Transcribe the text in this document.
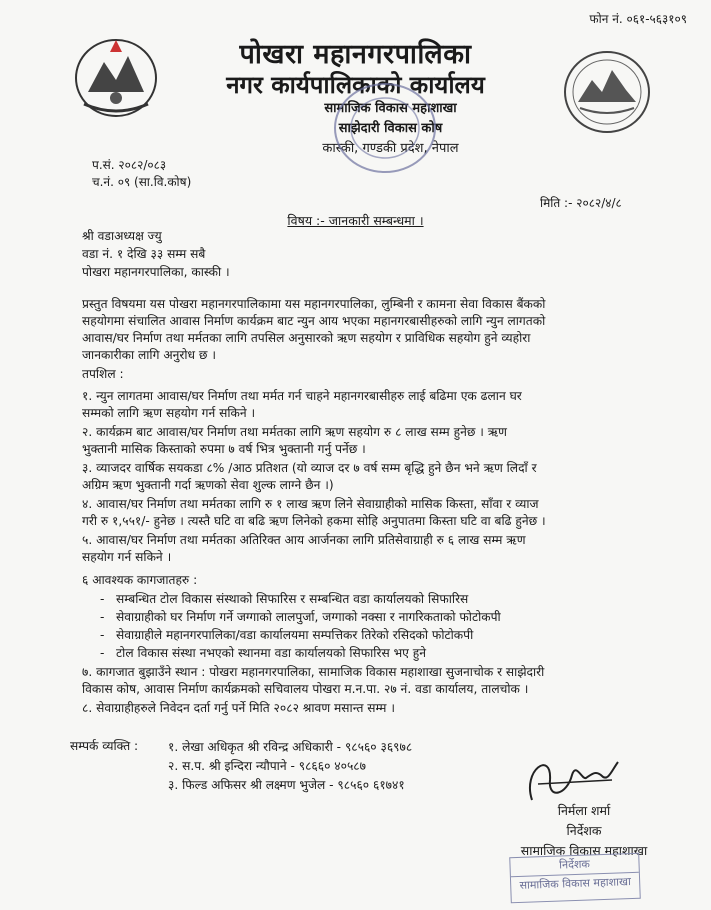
फोन नं. ०६१-५६३१०९
पोखरा महानगरपालिका
नगर कार्यपालिकाको कार्यालय
सामाजिक विकास महाशाखा
साझेदारी विकास कोष
कास्की, गण्डकी प्रदेश, नेपाल
प.सं. २०८२/०८३
च.नं. ०९ (सा.वि.कोष)
मिति :- २०८२/४/८
विषय :- जानकारी सम्बन्धमा ।
श्री वडाअध्यक्ष ज्यु
वडा नं. १ देखि ३३ सम्म सबै
पोखरा महानगरपालिका, कास्की ।
प्रस्तुत विषयमा यस पोखरा महानगरपालिकामा यस महानगरपालिका, लुम्बिनी र कामना सेवा विकास बैंकको
सहयोगमा संचालित आवास निर्माण कार्यक्रम बाट न्युन आय भएका महानगरबासीहरुको लागि न्युन लागतको
आवास/घर निर्माण तथा मर्मतका लागि तपसिल अनुसारको ऋण सहयोग र प्राविधिक सहयोग हुने व्यहोरा
जानकारीका लागि अनुरोध छ ।
तपशिल :
१. न्युन लागतमा आवास/घर निर्माण तथा मर्मत गर्न चाहने महानगरबासीहरु लाई बढिमा एक ढलान घर
सम्मको लागि ऋण सहयोग गर्न सकिने ।
२. कार्यक्रम बाट आवास/घर निर्माण तथा मर्मतका लागि ऋण सहयोग रु ८ लाख सम्म हुनेछ । ऋण
भुक्तानी मासिक किस्ताको रुपमा ७ वर्ष भित्र भुक्तानी गर्नु पर्नेछ ।
३. व्याजदर वार्षिक सयकडा ८% /आठ प्रतिशत (यो व्याज दर ७ वर्ष सम्म बृद्धि हुने छैन भने ऋण लिदाँ र
अग्रिम ऋण भुक्तानी गर्दा ऋणको सेवा शुल्क लाग्ने छैन ।)
४. आवास/घर निर्माण तथा मर्मतका लागि रु १ लाख ऋण लिने सेवाग्राहीको मासिक किस्ता, साँवा र व्याज
गरी रु १,५५१/- हुनेछ । त्यस्तै घटि वा बढि ऋण लिनेको हकमा सोहि अनुपातमा किस्ता घटि वा बढि हुनेछ ।
५. आवास/घर निर्माण तथा मर्मतका अतिरिक्त आय आर्जनका लागि प्रतिसेवाग्राही रु ६ लाख सम्म ऋण
सहयोग गर्न सकिने ।
६ आवश्यक कागजातहरु :
-   सम्बन्धित टोल विकास संस्थाको सिफारिस र सम्बन्धित वडा कार्यालयको सिफारिस
-   सेवाग्राहीको घर निर्माण गर्ने जग्गाको लालपुर्जा, जग्गाको नक्सा र नागरिकताको फोटोकपी
-   सेवाग्राहीले महानगरपालिका/वडा कार्यालयमा सम्पत्तिकर तिरेको रसिदको फोटोकपी
-   टोल विकास संस्था नभएको स्थानमा वडा कार्यालयको सिफारिस भए हुने
७. कागजात बुझाउँने स्थान : पोखरा महानगरपालिका, सामाजिक विकास महाशाखा सुजनाचोक र साझेदारी
विकास कोष, आवास निर्माण कार्यक्रमको सचिवालय पोखरा म.न.पा. २७ नं. वडा कार्यालय, तालचोक ।
८. सेवाग्राहीहरुले निवेदन दर्ता गर्नु पर्ने मिति २०८२ श्रावण मसान्त सम्म ।
सम्पर्क व्यक्ति : १. लेखा अधिकृत श्री रविन्द्र अधिकारी - ९८५६० ३६९७८
२. स.प. श्री इन्दिरा न्यौपाने - ९८६६० ४०५८७
३. फिल्ड अफिसर श्री लक्ष्मण भुजेल - ९८५६० ६१७४१
निर्मला शर्मा
निर्देशक
सामाजिक विकास महाशाखा
निर्देशक
सामाजिक विकास महाशाखा
